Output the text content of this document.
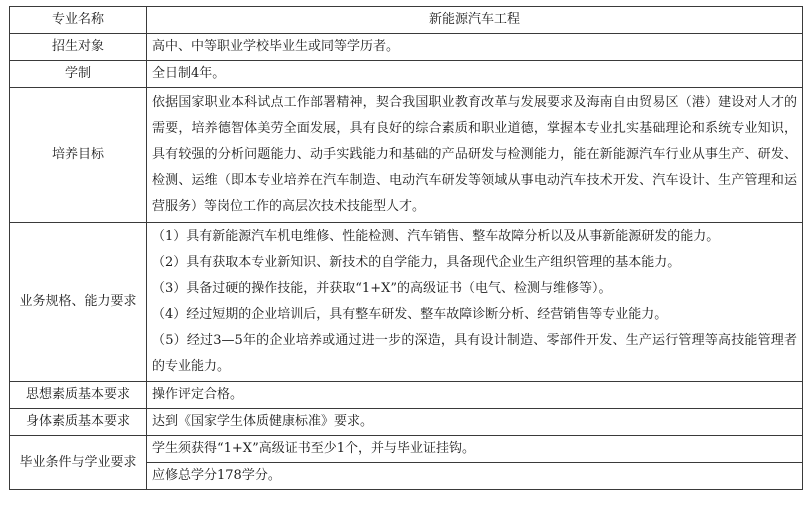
专业名称	新能源汽车工程
招生对象	高中、中等职业学校毕业生或同等学历者。
学制	全日制4年。
培养目标	依据国家职业本科试点工作部署精神，契合我国职业教育改革与发展要求及海南自由贸易区（港）建设对人才的需要，培养德智体美劳全面发展，具有良好的综合素质和职业道德，掌握本专业扎实基础理论和系统专业知识，具有较强的分析问题能力、动手实践能力和基础的产品研发与检测能力，能在新能源汽车行业从事生产、研发、检测、运维（即本专业培养在汽车制造、电动汽车研发等领域从事电动汽车技术开发、汽车设计、生产管理和运营服务）等岗位工作的高层次技术技能型人才。

业务规格、能力要求	（1）具有新能源汽车机电维修、性能检测、汽车销售、整车故障分析以及从事新能源研发的能力。
（2）具有获取本专业新知识、新技术的自学能力，具备现代企业生产组织管理的基本能力。
（3）具备过硬的操作技能，并获取“1+X”的高级证书（电气、检测与维修等）。
（4）经过短期的企业培训后，具有整车研发、整车故障诊断分析、经营销售等专业能力。
（5）经过3—5年的企业培养或通过进一步的深造，具有设计制造、零部件开发、生产运行管理等高技能管理者的专业能力。

思想素质基本要求	操作评定合格。
身体素质基本要求	达到《国家学生体质健康标准》要求。
毕业条件与学业要求	学生须获得“1+X”高级证书至少1个，并与毕业证挂钩。
	应修总学分178学分。
